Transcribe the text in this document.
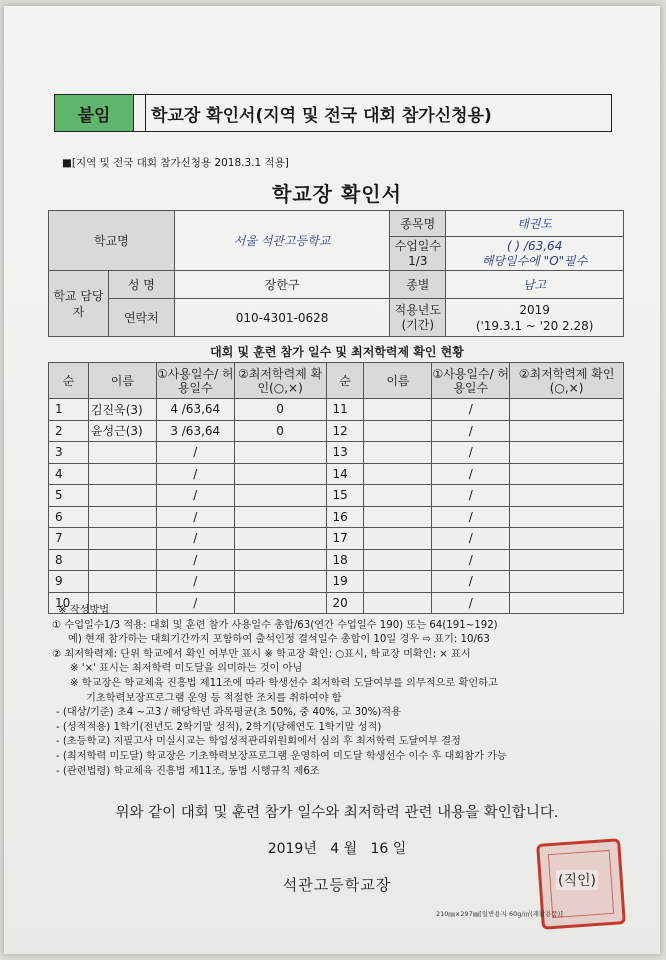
붙임	학교장 확인서(지역 및 전국 대회 참가신청용)
■[지역 및 전국 대회 참가신청용 2018.3.1 적용]
학교장 확인서
학교명		서울 석관고등학교	종목명	태권도
			수업일수 1/3	( ) /63,64
해당일수에 "O"필수

학교 담당자	성 명	장한구	종별	남고
	연락처	010-4301-0628	적용년도 (기간)	2019
('19.3.1 ~ '20 2.28)
대회 및 훈련 참가 일수 및 최저학력제 확인 현황
순	이름	①사용일수/ 허용일수	②최저학력제 확인(○,×)	순	이름	①사용일수/ 허용일수	②최저학력제 확인(○,×)
1	김진욱(3)	4 /63,64	0	11		/	
2	윤성근(3)	3 /63,64	0	12		/	
3		/		13		/	
4		/		14		/	
5		/		15		/	
6		/		16		/	
7		/		17		/	
8		/		18		/	
9		/		19		/	
10		/		20		/	
※ 작성방법
① 수업일수1/3 적용: 대회 및 훈련 참가 사용일수 총합/63(연간 수업일수 190) 또는 64(191~192)
예) 현재 참가하는 대회기간까지 포함하여 출석인정 결석일수 총합이 10일 경우 ⇨ 표기: 10/63
② 최저학력제: 단위 학교에서 확인 여부만 표시 ※ 학교장 확인: ○표시, 학교장 미확인: × 표시
※ '×' 표시는 최저학력 미도달을 의미하는 것이 아님
※ 학교장은 학교체육 진흥법 제11조에 따라 학생선수 최저학력 도달여부를 의무적으로 확인하고
기초학력보장프로그램 운영 등 적절한 조치를 취하여야 함
- (대상/기준) 초4 ~고3 / 해당학년 과목평균(초 50%, 중 40%, 고 30%)적용
- (성적적용) 1학기(전년도 2학기말 성적), 2학기(당해연도 1학기말 성적)
- (초등학교) 지필고사 미실시교는 학업성적관리위원회에서 심의 후 최저학력 도달여부 결정
- (최저학력 미도달) 학교장은 기초학력보장프로그램 운영하여 미도달 학생선수 이수 후 대회참가 가능
- (관련법령) 학교체육 진흥법 제11조, 동법 시행규칙 제6조
위와 같이 대회 및 훈련 참가 일수와 최저학력 관련 내용을 확인합니다.
2019년 4 월 16 일
석관고등학교장	(직인)
210㎜×297㎜[일반용지 60g/㎡(재활용품)]
